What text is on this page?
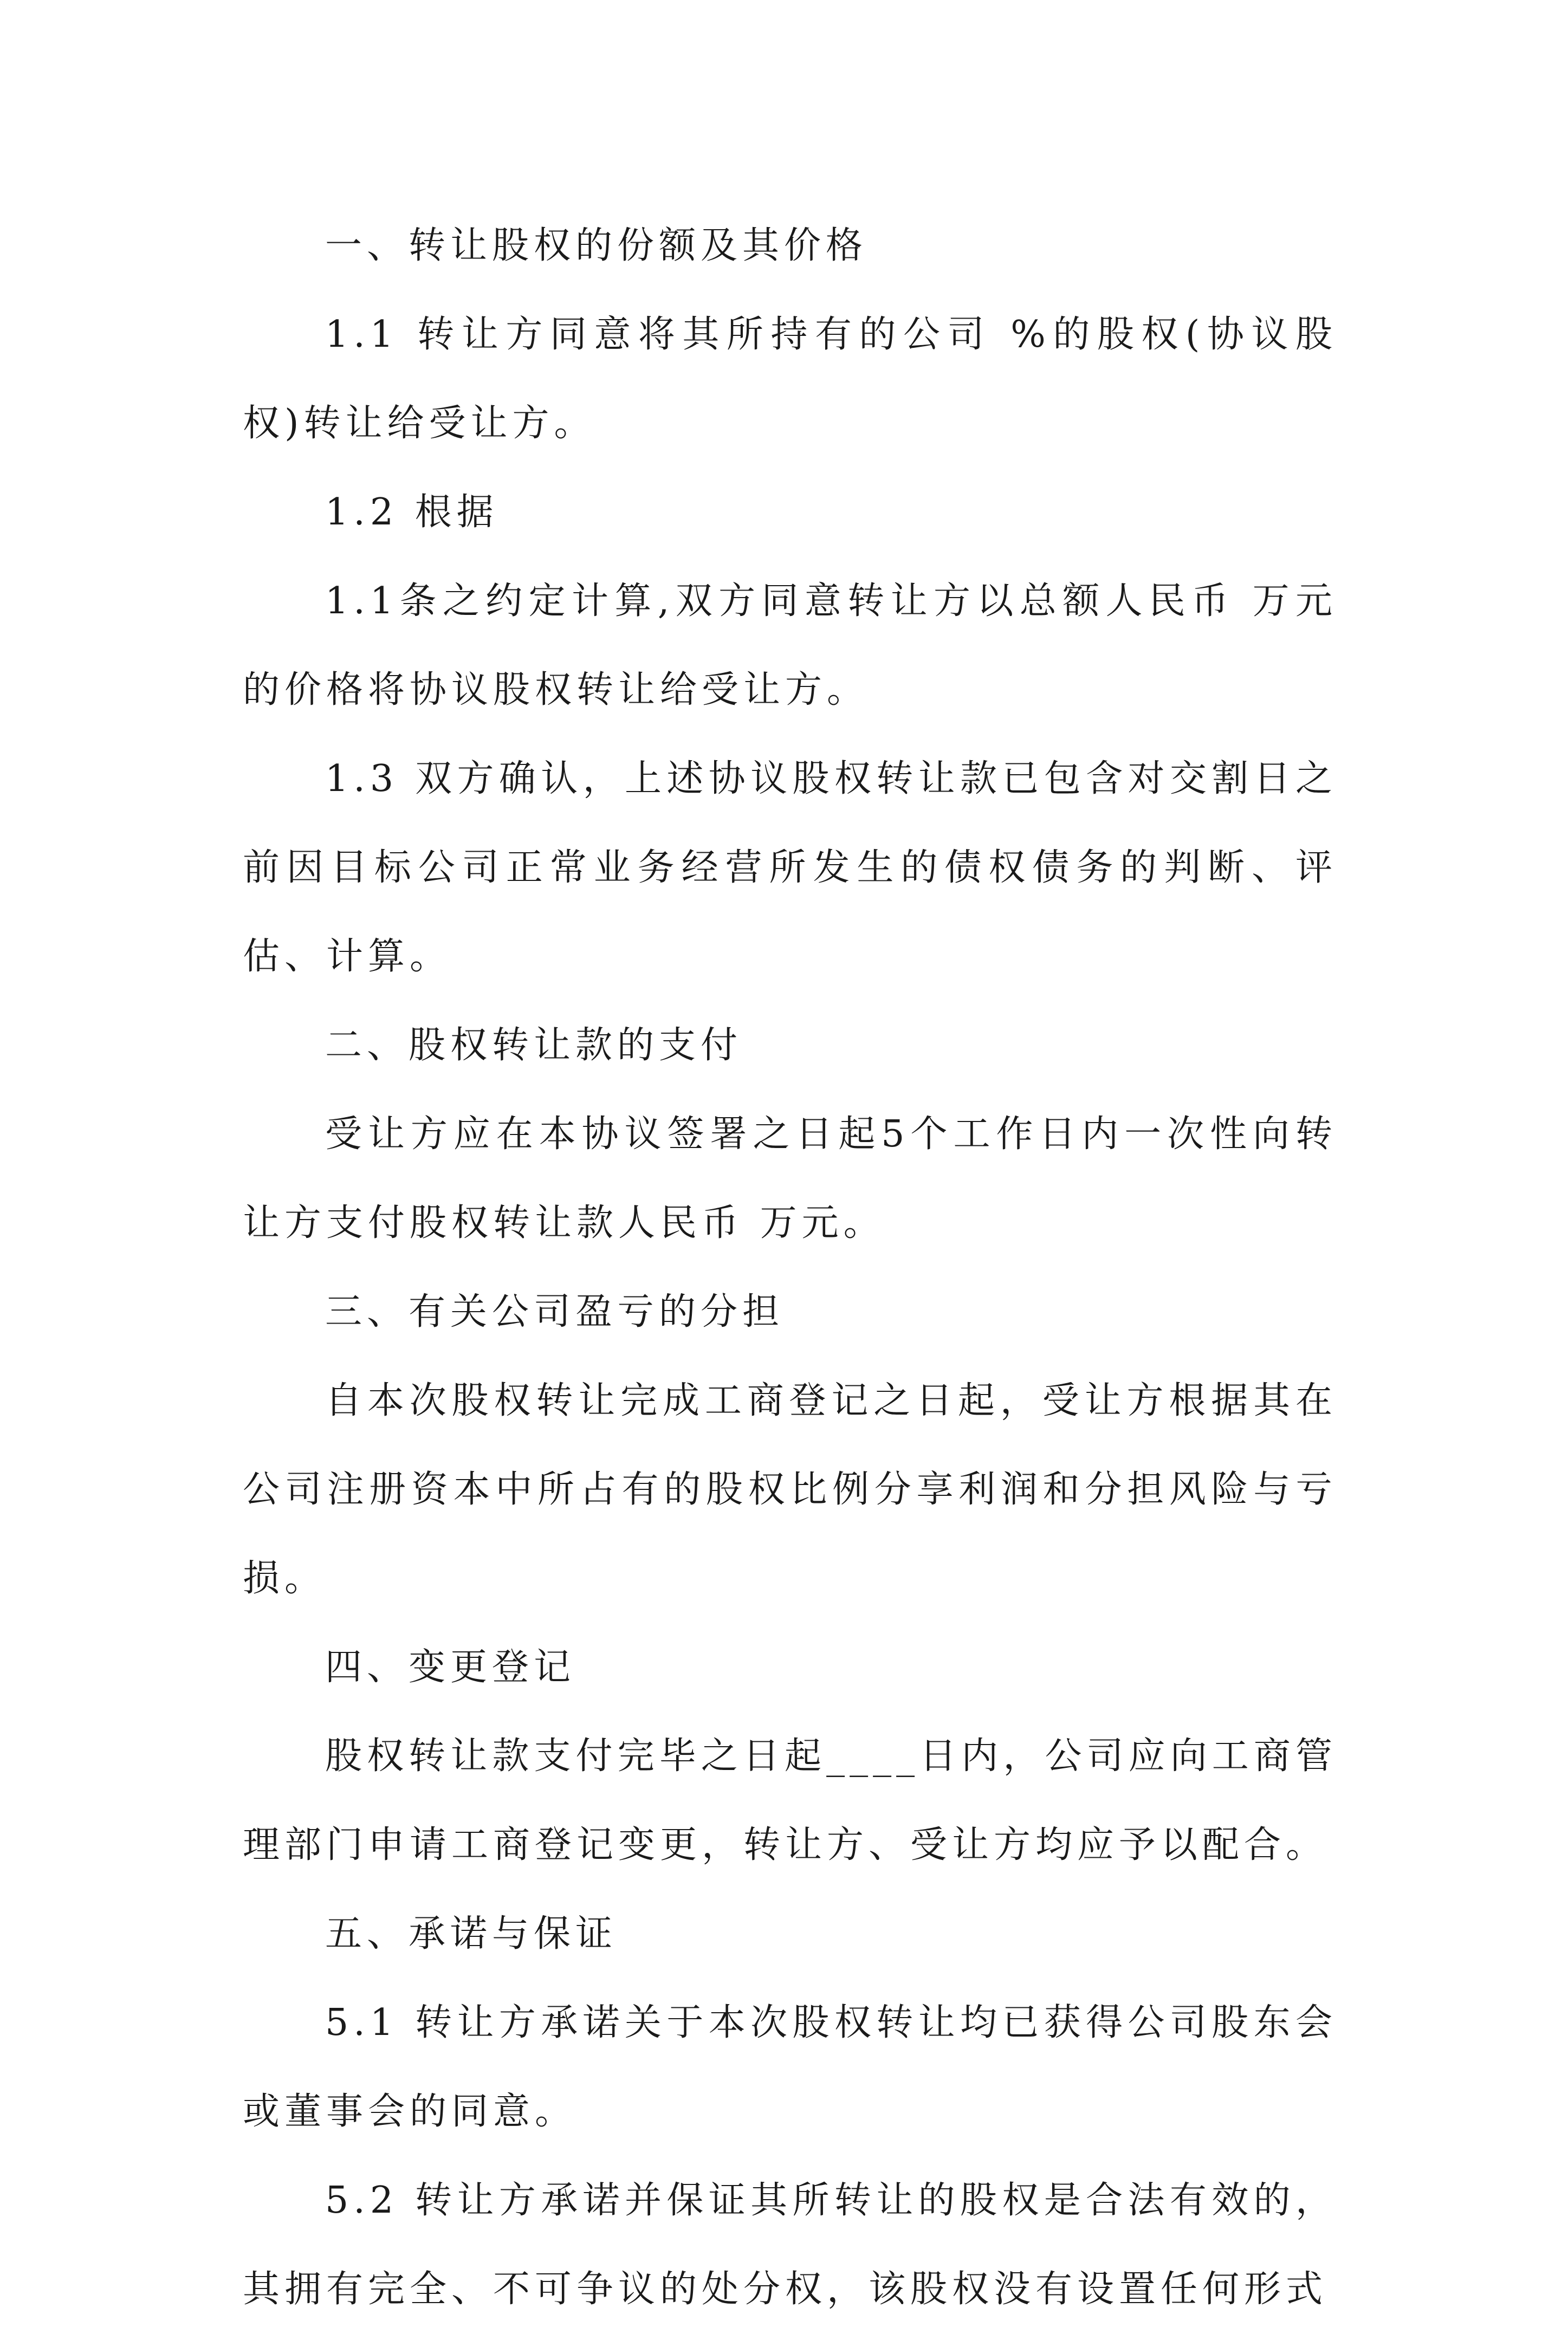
一、转让股权的份额及其价格

1.1 转让方同意将其所持有的公司 %的股权(协议股权)转让给受让方。

1.2 根据

1.1条之约定计算,双方同意转让方以总额人民币 万元的价格将协议股权转让给受让方。

1.3 双方确认，上述协议股权转让款已包含对交割日之前因目标公司正常业务经营所发生的债权债务的判断、评估、计算。

二、股权转让款的支付

受让方应在本协议签署之日起5个工作日内一次性向转让方支付股权转让款人民币 万元。

三、有关公司盈亏的分担

自本次股权转让完成工商登记之日起，受让方根据其在公司注册资本中所占有的股权比例分享利润和分担风险与亏损。

四、变更登记

股权转让款支付完毕之日起____日内，公司应向工商管理部门申请工商登记变更，转让方、受让方均应予以配合。

五、承诺与保证

5.1 转让方承诺关于本次股权转让均已获得公司股东会或董事会的同意。

5.2 转让方承诺并保证其所转让的股权是合法有效的，其拥有完全、不可争议的处分权，该股权没有设置任何形式
